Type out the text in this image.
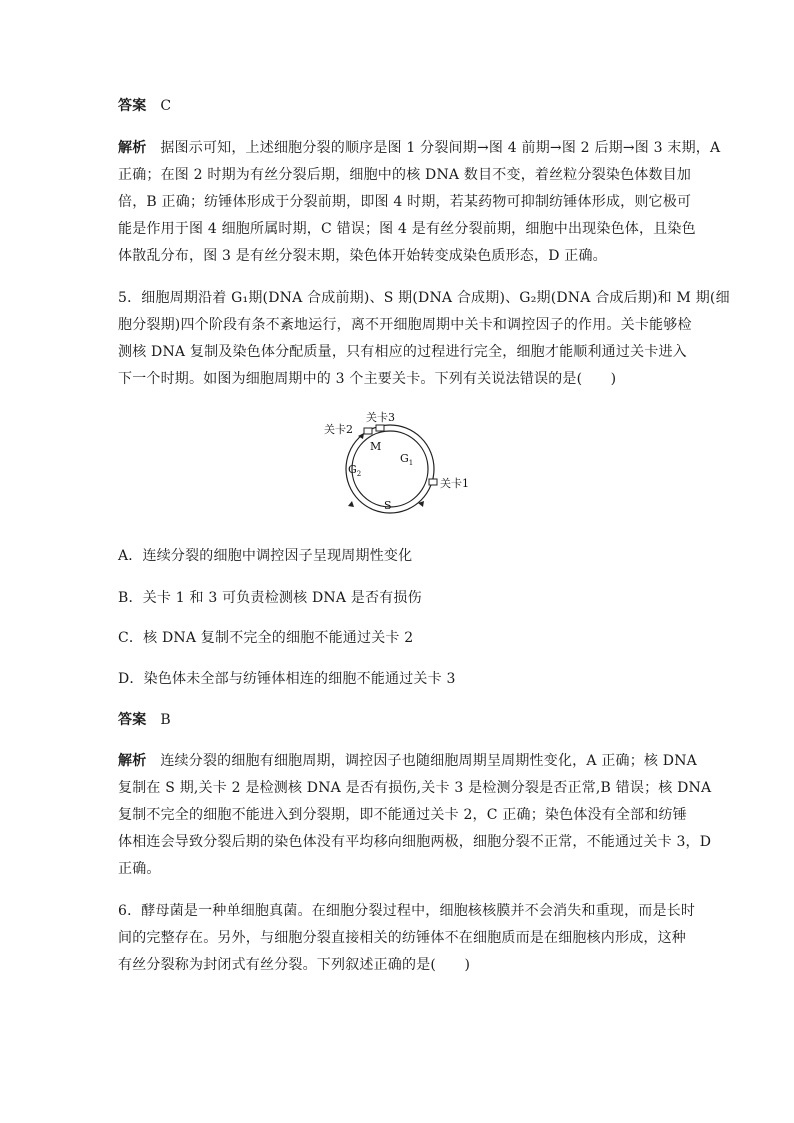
答案 C
解析 据图示可知，上述细胞分裂的顺序是图 1 分裂间期→图 4 前期→图 2 后期→图 3 末期，A
正确；在图 2 时期为有丝分裂后期，细胞中的核 DNA 数目不变，着丝粒分裂染色体数目加
倍，B 正确；纺锤体形成于分裂前期，即图 4 时期，若某药物可抑制纺锤体形成，则它极可
能是作用于图 4 细胞所属时期，C 错误；图 4 是有丝分裂前期，细胞中出现染色体，且染色
体散乱分布，图 3 是有丝分裂末期，染色体开始转变成染色质形态，D 正确。
5．细胞周期沿着 G₁期(DNA 合成前期)、S 期(DNA 合成期)、G₂期(DNA 合成后期)和 M 期(细
胞分裂期)四个阶段有条不紊地运行，离不开细胞周期中关卡和调控因子的作用。关卡能够检
测核 DNA 复制及染色体分配质量，只有相应的过程进行完全，细胞才能顺利通过关卡进入
下一个时期。如图为细胞周期中的 3 个主要关卡。下列有关说法错误的是(　　)
关卡3
关卡2
关卡1
M
$G_1$
$G_2$
S
A．连续分裂的细胞中调控因子呈现周期性变化
B．关卡 1 和 3 可负责检测核 DNA 是否有损伤
C．核 DNA 复制不完全的细胞不能通过关卡 2
D．染色体未全部与纺锤体相连的细胞不能通过关卡 3
答案 B
解析 连续分裂的细胞有细胞周期，调控因子也随细胞周期呈周期性变化，A 正确；核 DNA
复制在 S 期,关卡 2 是检测核 DNA 是否有损伤,关卡 3 是检测分裂是否正常,B 错误；核 DNA
复制不完全的细胞不能进入到分裂期，即不能通过关卡 2，C 正确；染色体没有全部和纺锤
体相连会导致分裂后期的染色体没有平均移向细胞两极，细胞分裂不正常，不能通过关卡 3，D
正确。
6．酵母菌是一种单细胞真菌。在细胞分裂过程中，细胞核核膜并不会消失和重现，而是长时
间的完整存在。另外，与细胞分裂直接相关的纺锤体不在细胞质而是在细胞核内形成，这种
有丝分裂称为封闭式有丝分裂。下列叙述正确的是(　　)
